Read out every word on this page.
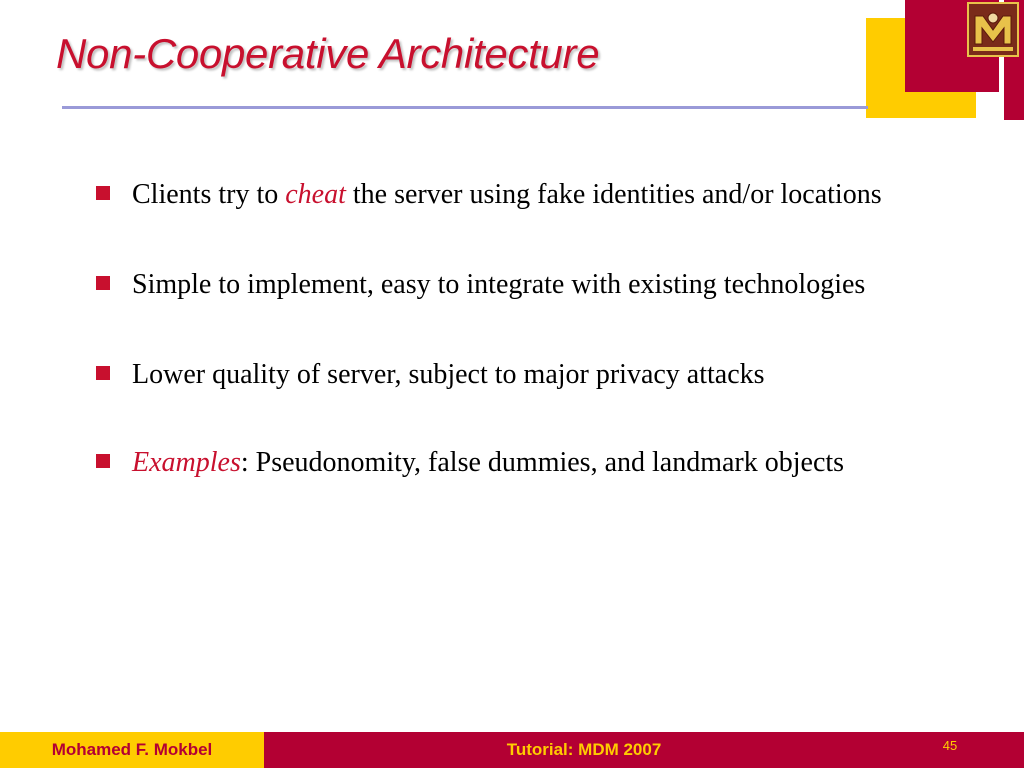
Non-Cooperative Architecture
Clients try to cheat the server using fake identities and/or locations
Simple to implement, easy to integrate with existing technologies
Lower quality of server, subject to major privacy attacks
Examples: Pseudonomity, false dummies, and landmark objects
Mohamed F. Mokbel	Tutorial: MDM 2007	45
